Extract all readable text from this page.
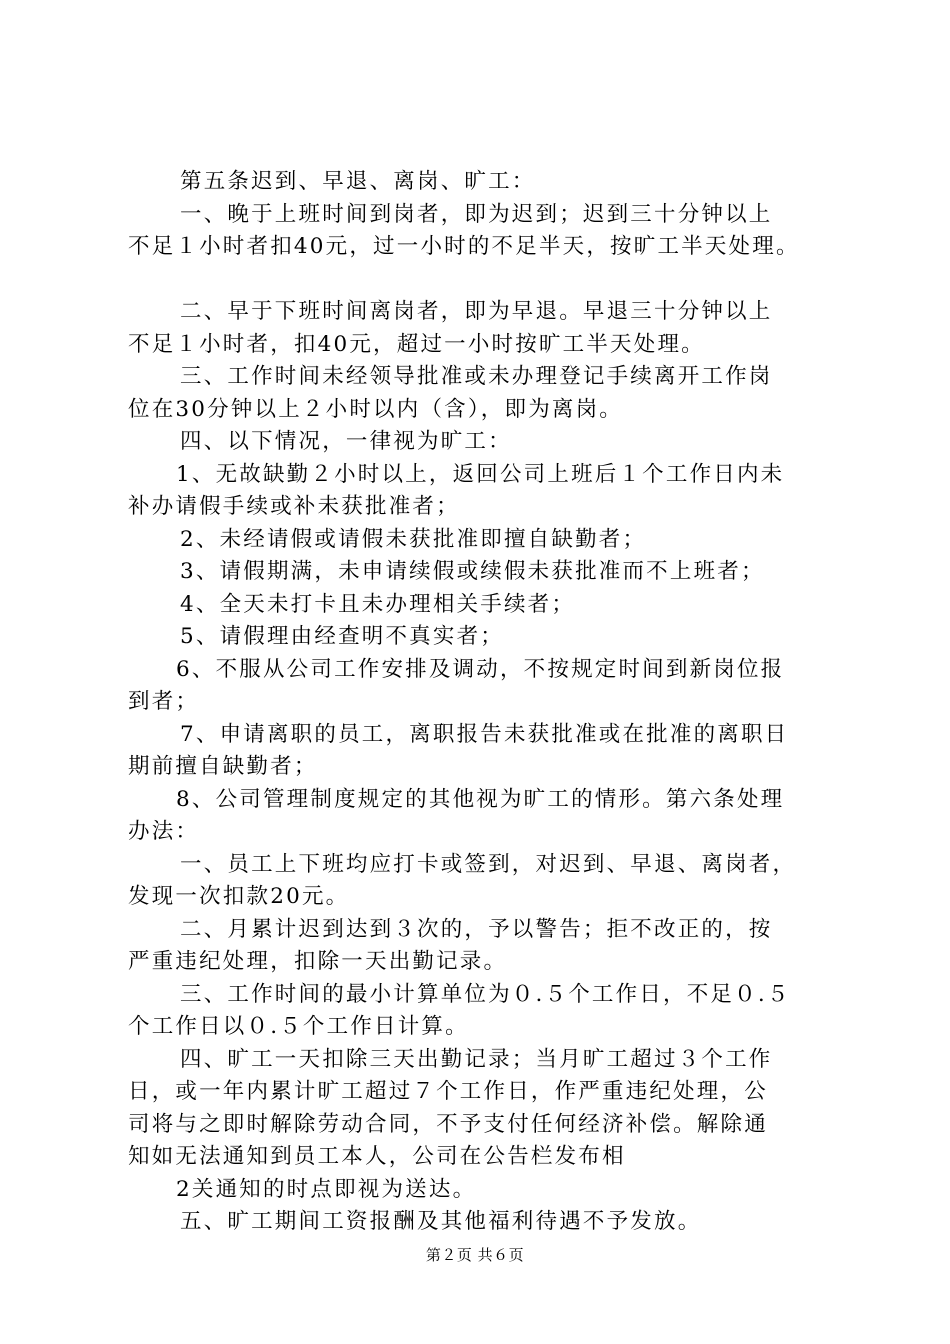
第五条迟到、早退、离岗、旷工：
一、晚于上班时间到岗者，即为迟到；迟到三十分钟以上
不足１小时者扣40元，过一小时的不足半天，按旷工半天处理。
二、早于下班时间离岗者，即为早退。早退三十分钟以上
不足１小时者，扣40元，超过一小时按旷工半天处理。
三、工作时间未经领导批准或未办理登记手续离开工作岗
位在30分钟以上２小时以内（含），即为离岗。
四、以下情况，一律视为旷工：
1、无故缺勤２小时以上，返回公司上班后１个工作日内未
补办请假手续或补未获批准者；
2、未经请假或请假未获批准即擅自缺勤者；
3、请假期满，未申请续假或续假未获批准而不上班者；
4、全天未打卡且未办理相关手续者；
5、请假理由经查明不真实者；
6、不服从公司工作安排及调动，不按规定时间到新岗位报
到者；
7、申请离职的员工，离职报告未获批准或在批准的离职日
期前擅自缺勤者；
8、公司管理制度规定的其他视为旷工的情形。第六条处理
办法：
一、员工上下班均应打卡或签到，对迟到、早退、离岗者，
发现一次扣款20元。
二、月累计迟到达到３次的，予以警告；拒不改正的，按
严重违纪处理，扣除一天出勤记录。
三、工作时间的最小计算单位为０.５个工作日，不足０.５
个工作日以０.５个工作日计算。
四、旷工一天扣除三天出勤记录；当月旷工超过３个工作
日，或一年内累计旷工超过７个工作日，作严重违纪处理，公
司将与之即时解除劳动合同，不予支付任何经济补偿。解除通
知如无法通知到员工本人，公司在公告栏发布相
2关通知的时点即视为送达。
五、旷工期间工资报酬及其他福利待遇不予发放。
第２页 共６页
